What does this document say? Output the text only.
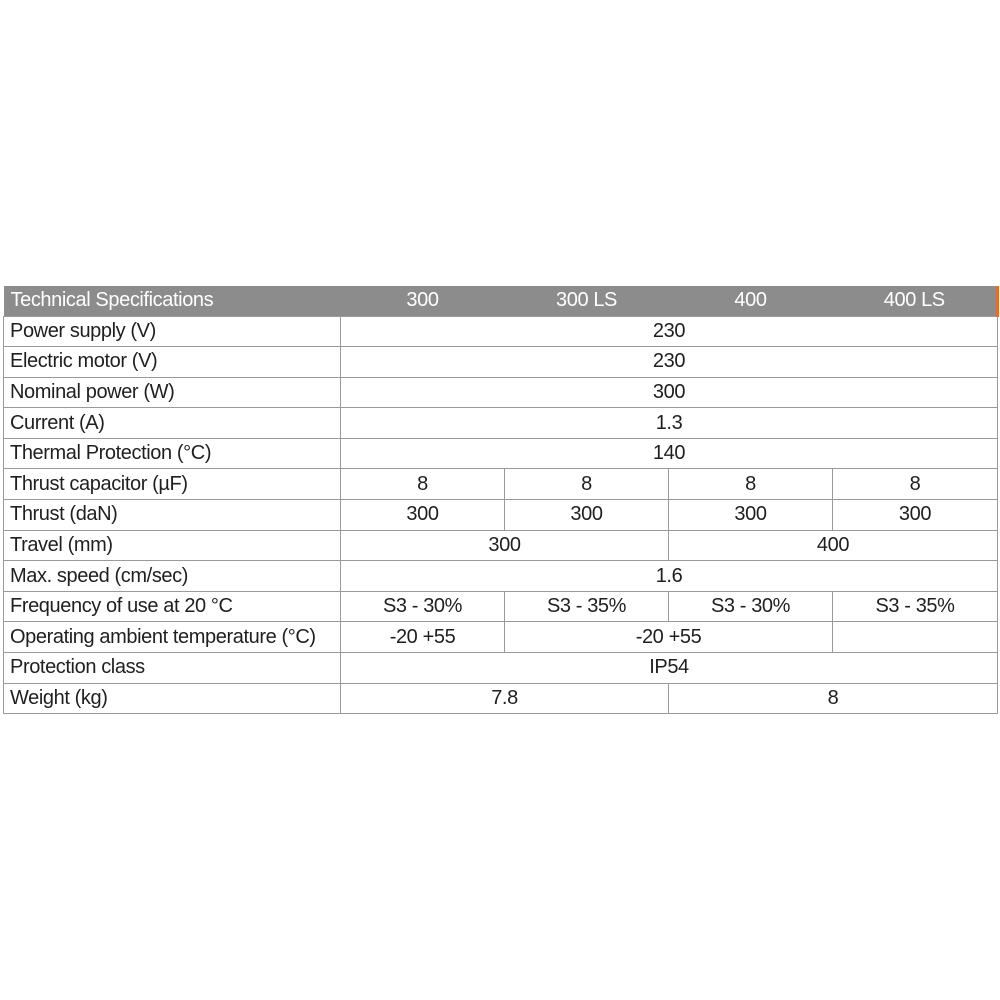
Technical Specifications	300	300 LS	400	400 LS
Power supply (V)	230			
Electric motor (V)	230			
Nominal power (W)	300			
Current (A)	1.3			
Thermal Protection (°C)	140			
Thrust capacitor (µF)	8	8	8	8
Thrust (daN)	300	300	300	300
Travel (mm)	300		400	
Max. speed (cm/sec)	1.6			
Frequency of use at 20 °C	S3 - 30%	S3 - 35%	S3 - 30%	S3 - 35%
Operating ambient temperature (°C)	-20 +55	-20 +55		
Protection class	IP54			
Weight (kg)	7.8		8	
